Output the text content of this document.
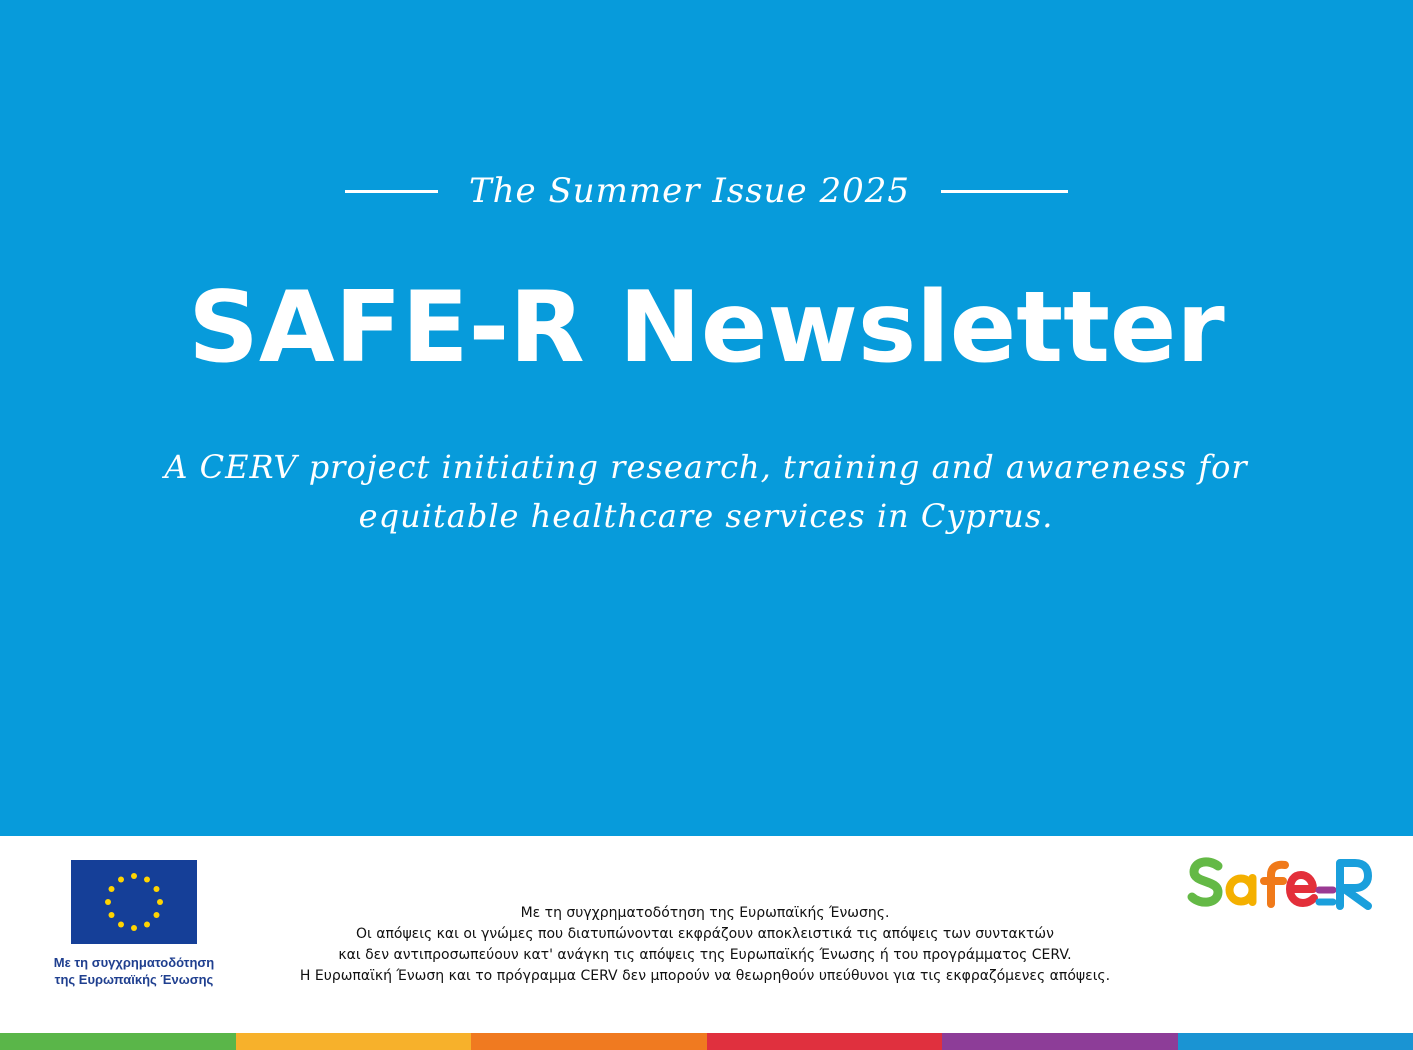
The Summer Issue 2025
SAFE-R Newsletter
A CERV project initiating research, training and awareness for
equitable healthcare services in Cyprus.
Με τη συγχρηματοδότηση
της Ευρωπαϊκής Ένωσης
Με τη συγχρηματοδότηση της Ευρωπαϊκής Ένωσης.
Οι απόψεις και οι γνώμες που διατυπώνονται εκφράζουν αποκλειστικά τις απόψεις των συντακτών
και δεν αντιπροσωπεύουν κατ' ανάγκη τις απόψεις της Ευρωπαϊκής Ένωσης ή του προγράμματος CERV.
Η Ευρωπαϊκή Ένωση και το πρόγραμμα CERV δεν μπορούν να θεωρηθούν υπεύθυνοι για τις εκφραζόμενες απόψεις.
